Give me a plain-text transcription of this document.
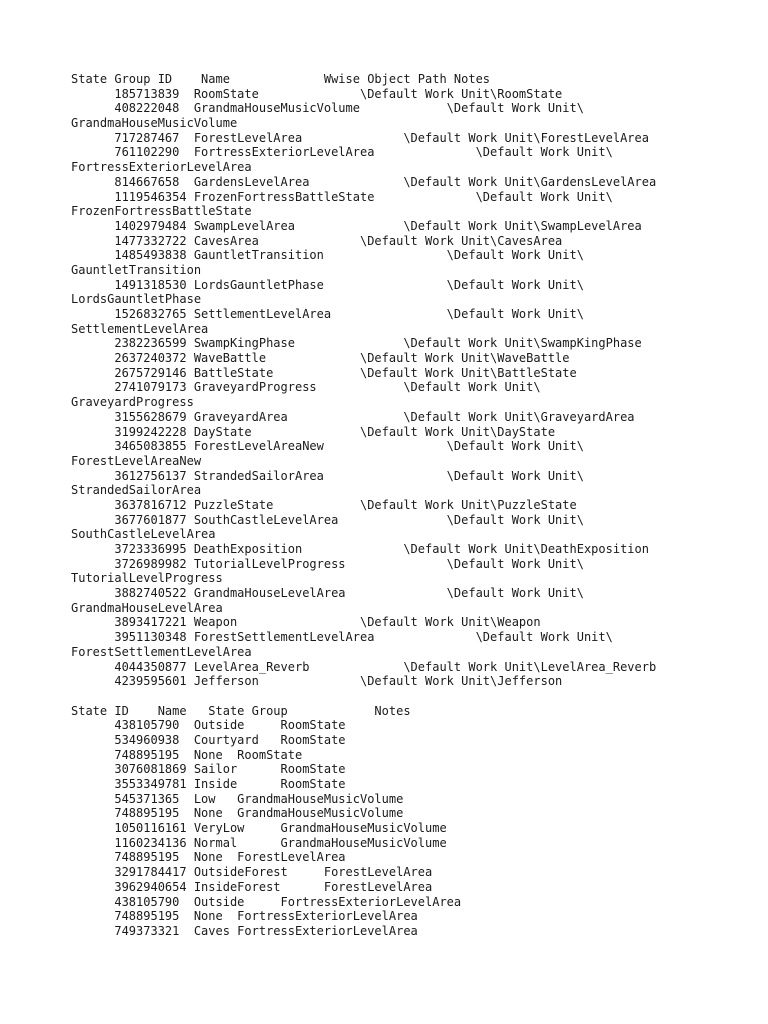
State Group ID    Name             Wwise Object Path Notes
185713839  RoomState              \Default Work Unit\RoomState
408222048  GrandmaHouseMusicVolume            \Default Work Unit\
GrandmaHouseMusicVolume
717287467  ForestLevelArea              \Default Work Unit\ForestLevelArea
761102290  FortressExteriorLevelArea              \Default Work Unit\
FortressExteriorLevelArea
814667658  GardensLevelArea             \Default Work Unit\GardensLevelArea
1119546354 FrozenFortressBattleState              \Default Work Unit\
FrozenFortressBattleState
1402979484 SwampLevelArea               \Default Work Unit\SwampLevelArea
1477332722 CavesArea              \Default Work Unit\CavesArea
1485493838 GauntletTransition                 \Default Work Unit\
GauntletTransition
1491318530 LordsGauntletPhase                 \Default Work Unit\
LordsGauntletPhase
1526832765 SettlementLevelArea                \Default Work Unit\
SettlementLevelArea
2382236599 SwampKingPhase               \Default Work Unit\SwampKingPhase
2637240372 WaveBattle             \Default Work Unit\WaveBattle
2675729146 BattleState            \Default Work Unit\BattleState
2741079173 GraveyardProgress            \Default Work Unit\
GraveyardProgress
3155628679 GraveyardArea                \Default Work Unit\GraveyardArea
3199242228 DayState               \Default Work Unit\DayState
3465083855 ForestLevelAreaNew                 \Default Work Unit\
ForestLevelAreaNew
3612756137 StrandedSailorArea                 \Default Work Unit\
StrandedSailorArea
3637816712 PuzzleState            \Default Work Unit\PuzzleState
3677601877 SouthCastleLevelArea               \Default Work Unit\
SouthCastleLevelArea
3723336995 DeathExposition              \Default Work Unit\DeathExposition
3726989982 TutorialLevelProgress              \Default Work Unit\
TutorialLevelProgress
3882740522 GrandmaHouseLevelArea              \Default Work Unit\
GrandmaHouseLevelArea
3893417221 Weapon                 \Default Work Unit\Weapon
3951130348 ForestSettlementLevelArea              \Default Work Unit\
ForestSettlementLevelArea
4044350877 LevelArea_Reverb             \Default Work Unit\LevelArea_Reverb
4239595601 Jefferson              \Default Work Unit\Jefferson
State ID    Name   State Group            Notes
438105790  Outside     RoomState
534960938  Courtyard   RoomState
748895195  None  RoomState
3076081869 Sailor      RoomState
3553349781 Inside      RoomState
545371365  Low   GrandmaHouseMusicVolume
748895195  None  GrandmaHouseMusicVolume
1050116161 VeryLow     GrandmaHouseMusicVolume
1160234136 Normal      GrandmaHouseMusicVolume
748895195  None  ForestLevelArea
3291784417 OutsideForest     ForestLevelArea
3962940654 InsideForest      ForestLevelArea
438105790  Outside     FortressExteriorLevelArea
748895195  None  FortressExteriorLevelArea
749373321  Caves FortressExteriorLevelArea
